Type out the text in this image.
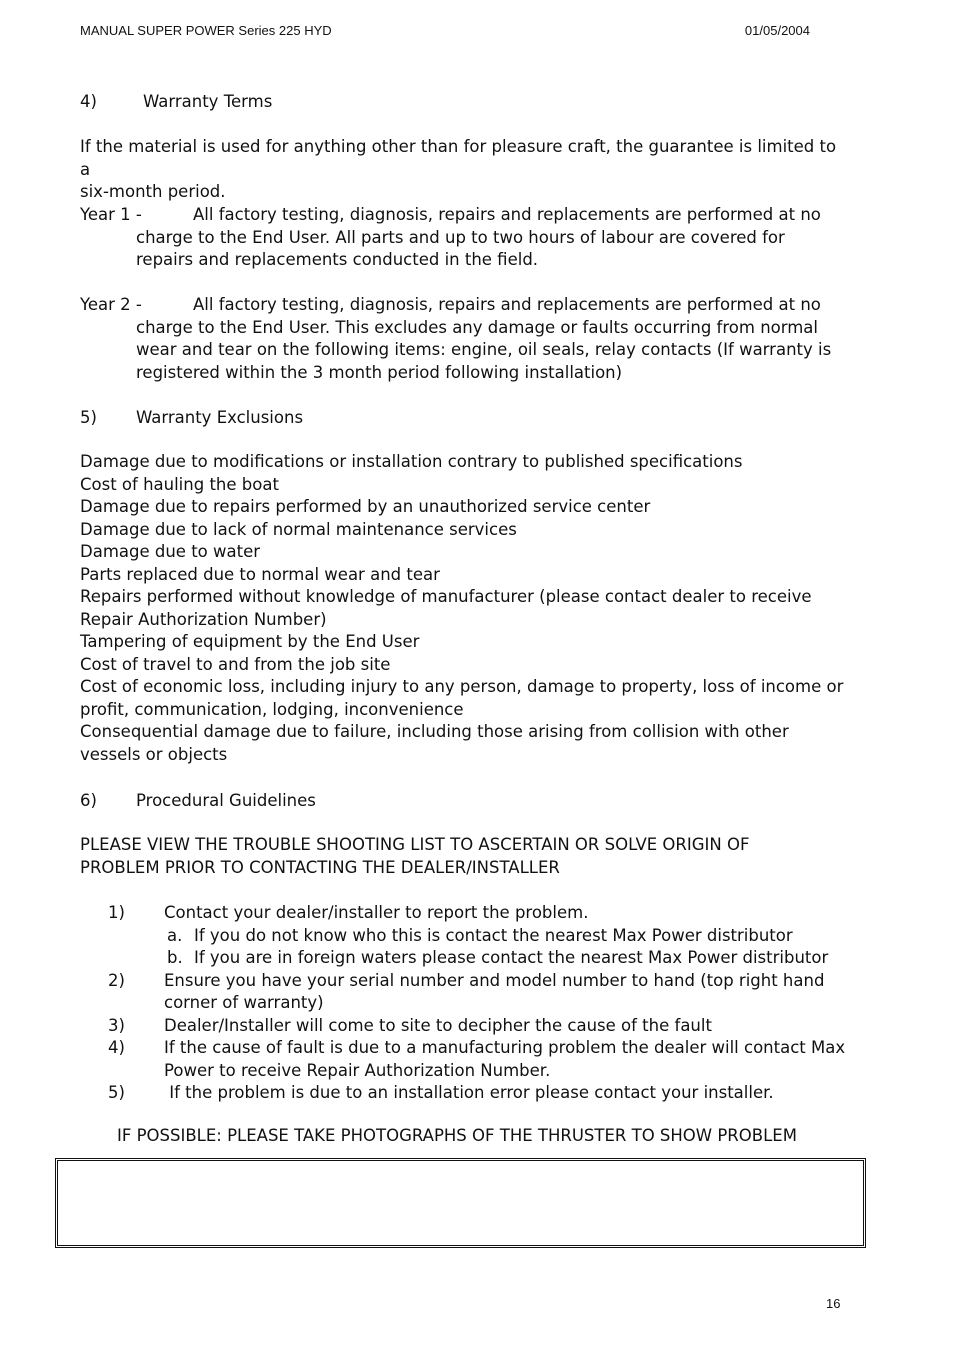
MANUAL SUPER POWER Series 225 HYD	01/05/2004
4)	Warranty Terms
If the material is used for anything other than for pleasure craft, the guarantee is limited to a
six-month period.
Year 1 -	All factory testing, diagnosis, repairs and replacements are performed at no
charge to the End User. All parts and up to two hours of labour are covered for
repairs and replacements conducted in the field.
Year 2 -	All factory testing, diagnosis, repairs and replacements are performed at no
charge to the End User. This excludes any damage or faults occurring from normal
wear and tear on the following items: engine, oil seals, relay contacts (If warranty is
registered within the 3 month period following installation)
5) Warranty Exclusions
Damage due to modifications or installation contrary to published specifications
Cost of hauling the boat
Damage due to repairs performed by an unauthorized service center
Damage due to lack of normal maintenance services
Damage due to water
Parts replaced due to normal wear and tear
Repairs performed without knowledge of manufacturer (please contact dealer to receive
Repair Authorization Number)
Tampering of equipment by the End User
Cost of travel to and from the job site
Cost of economic loss, including injury to any person, damage to property, loss of income or
profit, communication, lodging, inconvenience
Consequential damage due to failure, including those arising from collision with other
vessels or objects
6) Procedural Guidelines
PLEASE VIEW THE TROUBLE SHOOTING LIST TO ASCERTAIN OR SOLVE ORIGIN OF
PROBLEM PRIOR TO CONTACTING THE DEALER/INSTALLER
1) Contact your dealer/installer to report the problem.
a. If you do not know who this is contact the nearest Max Power distributor
b. If you are in foreign waters please contact the nearest Max Power distributor
2) Ensure you have your serial number and model number to hand (top right hand
corner of warranty)
3) Dealer/Installer will come to site to decipher the cause of the fault
4) If the cause of fault is due to a manufacturing problem the dealer will contact Max
Power to receive Repair Authorization Number.
5) If the problem is due to an installation error please contact your installer.
IF POSSIBLE: PLEASE TAKE PHOTOGRAPHS OF THE THRUSTER TO SHOW PROBLEM
16
